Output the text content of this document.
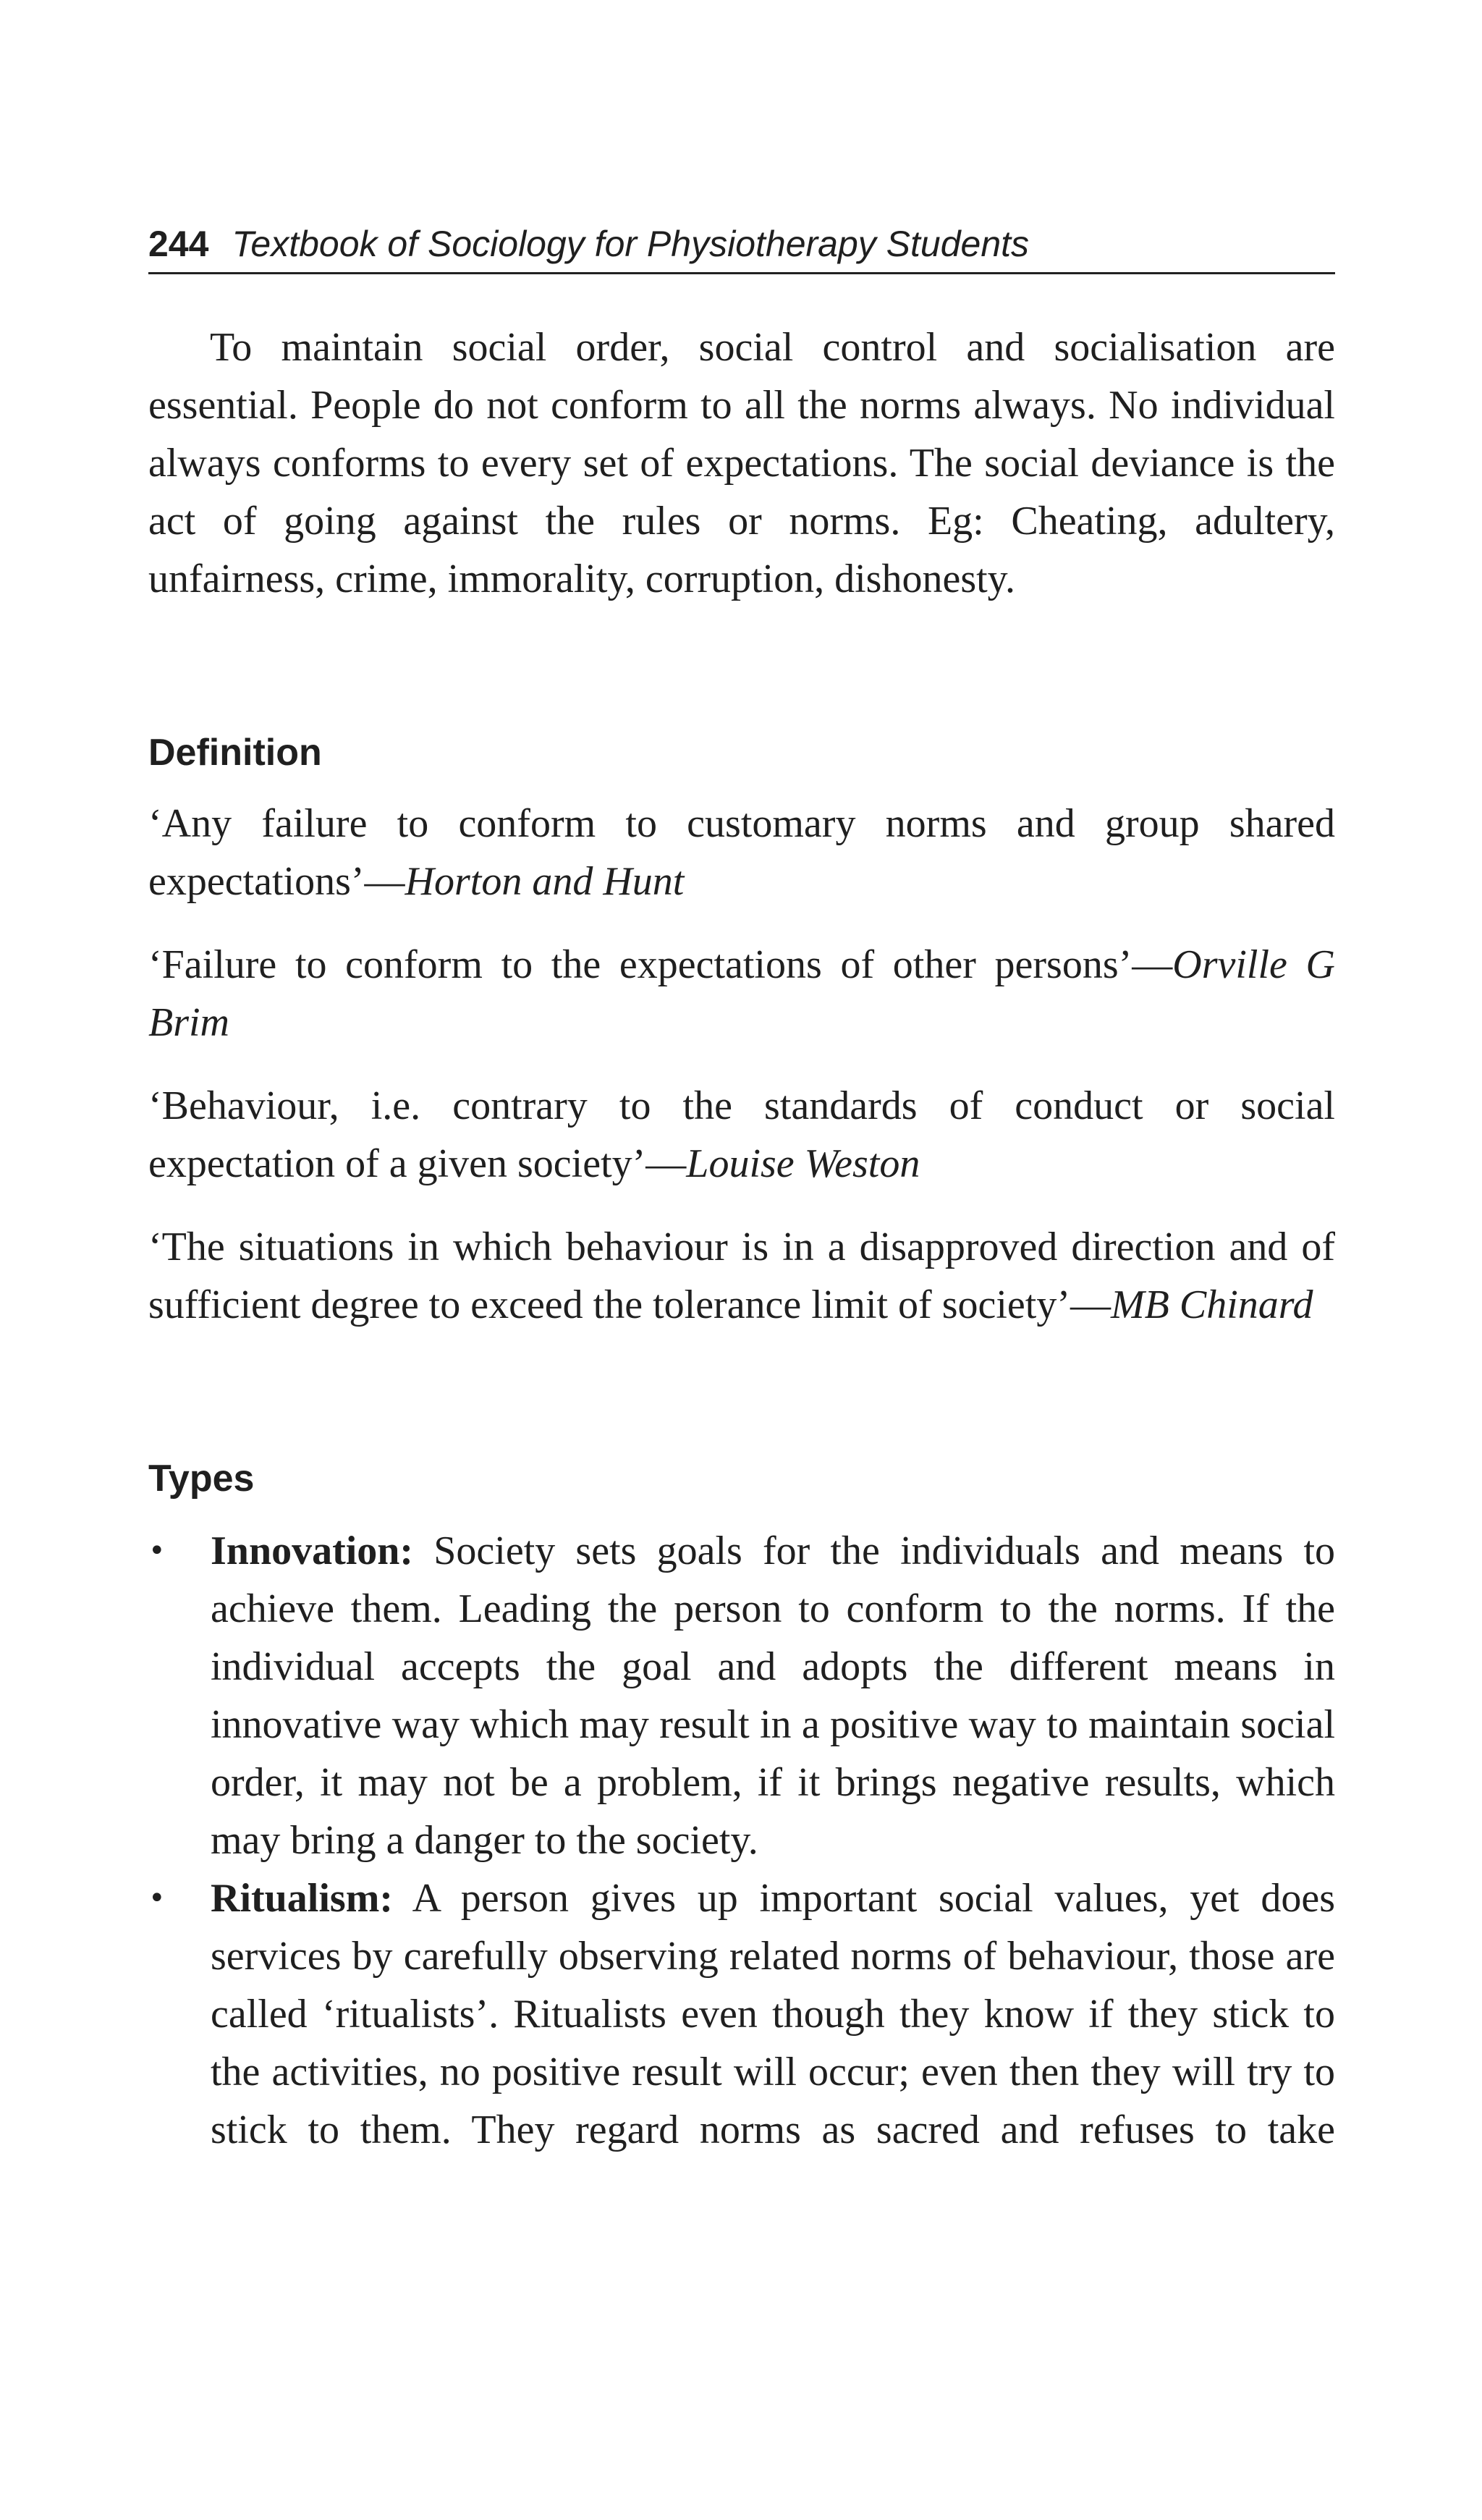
244 Textbook of Sociology for Physiotherapy Students

To maintain social order, social control and socialisation are essential. People do not conform to all the norms always. No individual always conforms to every set of expectations. The social deviance is the act of going against the rules or norms. Eg: Cheating, adultery, unfairness, crime, immorality, corruption, dishonesty.

Definition

‘Any failure to conform to customary norms and group shared expectations’—Horton and Hunt

‘Failure to conform to the expectations of other persons’—Orville G Brim

‘Behaviour, i.e. contrary to the standards of conduct or social expectation of a given society’—Louise Weston

‘The situations in which behaviour is in a disapproved direction and of sufficient degree to exceed the tolerance limit of society’—MB Chinard

Types
• Innovation: Society sets goals for the individuals and means to achieve them. Leading the person to conform to the norms. If the individual accepts the goal and adopts the different means in innovative way which may result in a positive way to maintain social order, it may not be a problem, if it brings negative results, which may bring a danger to the society.
• Ritualism: A person gives up important social values, yet does services by carefully observing related norms of behaviour, those are called ‘ritualists’. Ritualists even though they know if they stick to the activities, no positive result will occur; even then they will try to stick to them. They regard norms as sacred and refuses to take
